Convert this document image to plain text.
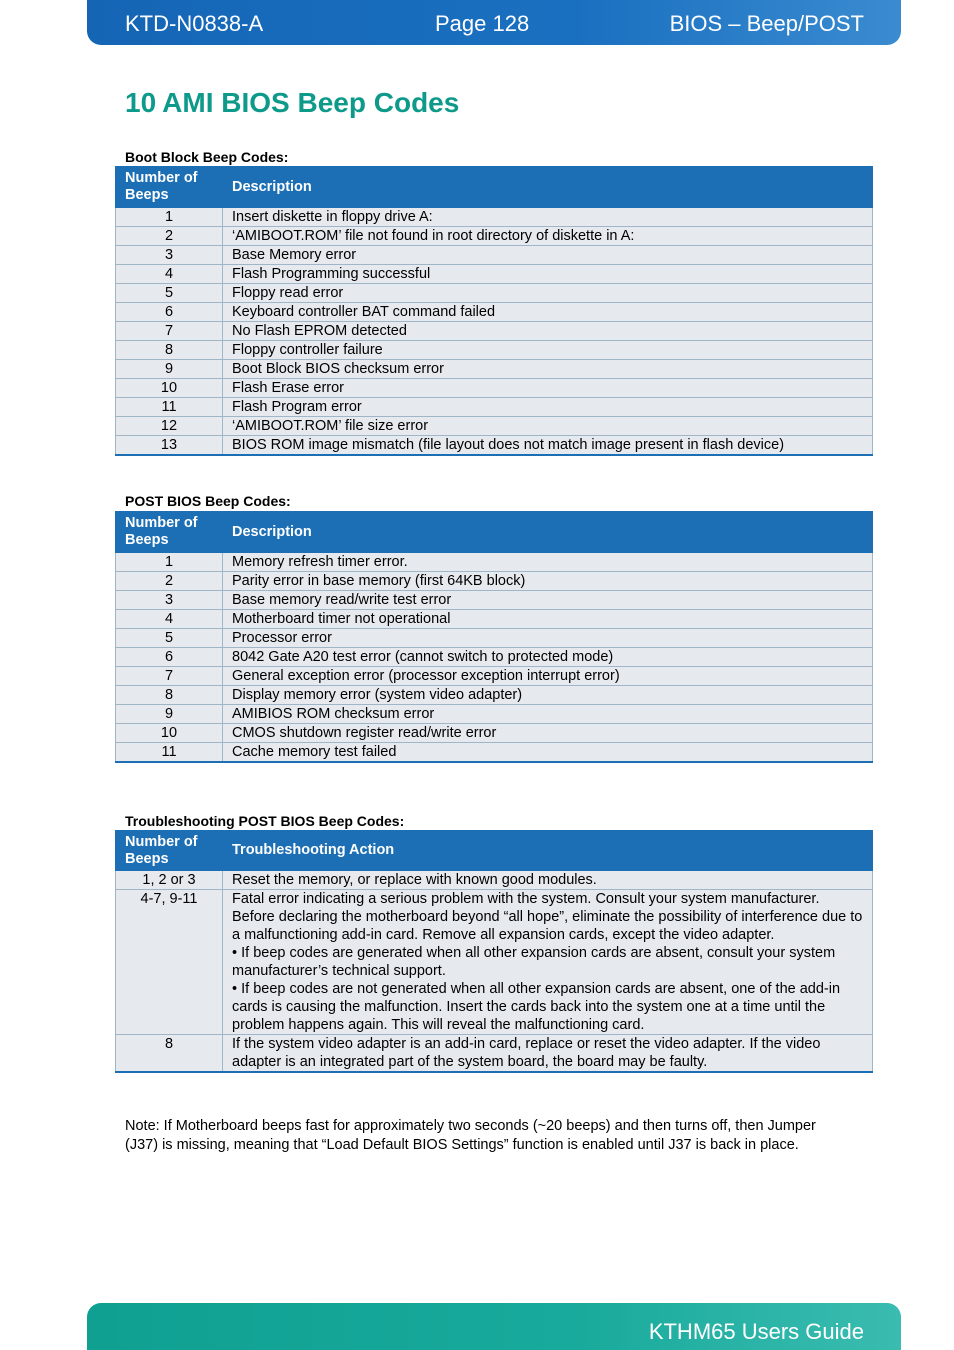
KTD-N0838-A	Page 128	BIOS – Beep/POST
10 AMI BIOS Beep Codes
Boot Block Beep Codes:
Number of Beeps	Description
1	Insert diskette in floppy drive A:
2	‘AMIBOOT.ROM’ file not found in root directory of diskette in A:
3	Base Memory error
4	Flash Programming successful
5	Floppy read error
6	Keyboard controller BAT command failed
7	No Flash EPROM detected
8	Floppy controller failure
9	Boot Block BIOS checksum error
10	Flash Erase error
11	Flash Program error
12	‘AMIBOOT.ROM’ file size error
13	BIOS ROM image mismatch (file layout does not match image present in flash device)
POST BIOS Beep Codes:
Number of Beeps	Description
1	Memory refresh timer error.
2	Parity error in base memory (first 64KB block)
3	Base memory read/write test error
4	Motherboard timer not operational
5	Processor error
6	8042 Gate A20 test error (cannot switch to protected mode)
7	General exception error (processor exception interrupt error)
8	Display memory error (system video adapter)
9	AMIBIOS ROM checksum error
10	CMOS shutdown register read/write error
11	Cache memory test failed
Troubleshooting POST BIOS Beep Codes:
Number of Beeps	Troubleshooting Action
1, 2 or 3	Reset the memory, or replace with known good modules.

4-7, 9-11	Fatal error indicating a serious problem with the system. Consult your system manufacturer. Before declaring the motherboard beyond “all hope”, eliminate the possibility of interference due to a malfunctioning add-in card. Remove all expansion cards, except the video adapter.
• If beep codes are generated when all other expansion cards are absent, consult your system manufacturer’s technical support.
• If beep codes are not generated when all other expansion cards are absent, one of the add-in cards is causing the malfunction. Insert the cards back into the system one at a time until the problem happens again. This will reveal the malfunctioning card.

8	If the system video adapter is an add-in card, replace or reset the video adapter. If the video adapter is an integrated part of the system board, the board may be faulty.
Note: If Motherboard beeps fast for approximately two seconds (~20 beeps) and then turns off, then Jumper (J37) is missing, meaning that “Load Default BIOS Settings” function is enabled until J37 is back in place.
KTHM65 Users Guide
